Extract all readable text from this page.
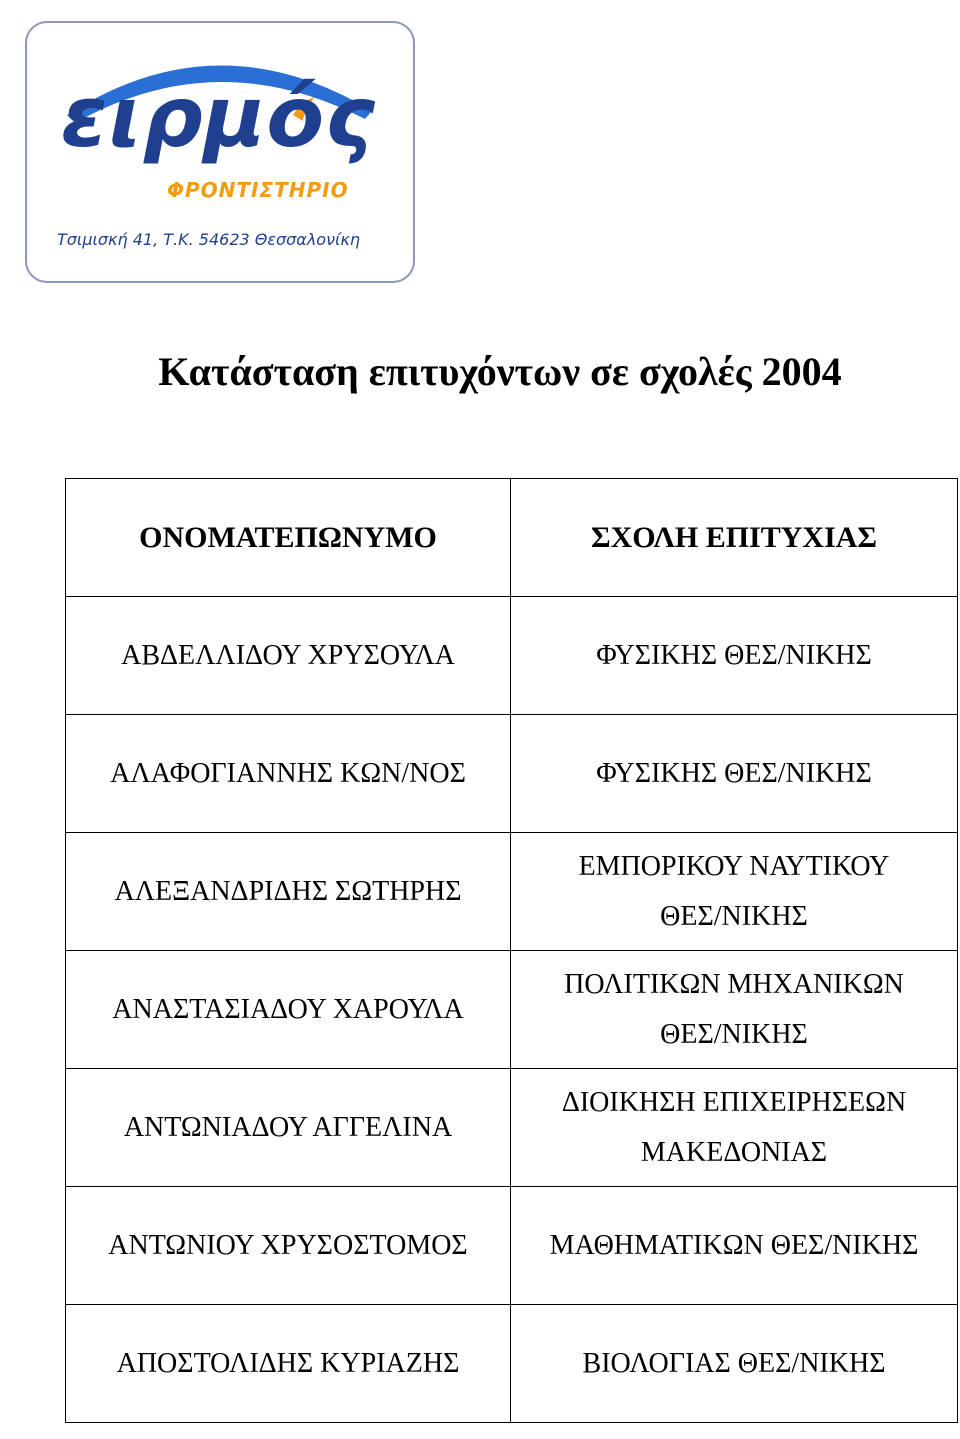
ειρμός
ΦΡΟΝΤΙΣΤΗΡΙΟ
Τσιμισκή 41, Τ.Κ. 54623 Θεσσαλονίκη
Κατάσταση επιτυχόντων σε σχολές 2004
ΟΝΟΜΑΤΕΠΩΝΥΜΟ	ΣΧΟΛΗ ΕΠΙΤΥΧΙΑΣ

ΑΒΔΕΛΛΙΔΟΥ ΧΡΥΣΟΥΛΑ	ΦΥΣΙΚΗΣ ΘΕΣ/ΝΙΚΗΣ

ΑΛΑΦΟΓΙΑΝΝΗΣ ΚΩΝ/ΝΟΣ	ΦΥΣΙΚΗΣ ΘΕΣ/ΝΙΚΗΣ

ΑΛΕΞΑΝΔΡΙΔΗΣ ΣΩΤΗΡΗΣ	ΕΜΠΟΡΙΚΟΥ ΝΑΥΤΙΚΟΥ
ΘΕΣ/ΝΙΚΗΣ

ΑΝΑΣΤΑΣΙΑΔΟΥ ΧΑΡΟΥΛΑ	ΠΟΛΙΤΙΚΩΝ ΜΗΧΑΝΙΚΩΝ
ΘΕΣ/ΝΙΚΗΣ

ΑΝΤΩΝΙΑΔΟΥ ΑΓΓΕΛΙΝΑ	ΔΙΟΙΚΗΣΗ ΕΠΙΧΕΙΡΗΣΕΩΝ
ΜΑΚΕΔΟΝΙΑΣ

ΑΝΤΩΝΙΟΥ ΧΡΥΣΟΣΤΟΜΟΣ	ΜΑΘΗΜΑΤΙΚΩΝ ΘΕΣ/ΝΙΚΗΣ

ΑΠΟΣΤΟΛΙΔΗΣ ΚΥΡΙΑΖΗΣ	ΒΙΟΛΟΓΙΑΣ ΘΕΣ/ΝΙΚΗΣ
